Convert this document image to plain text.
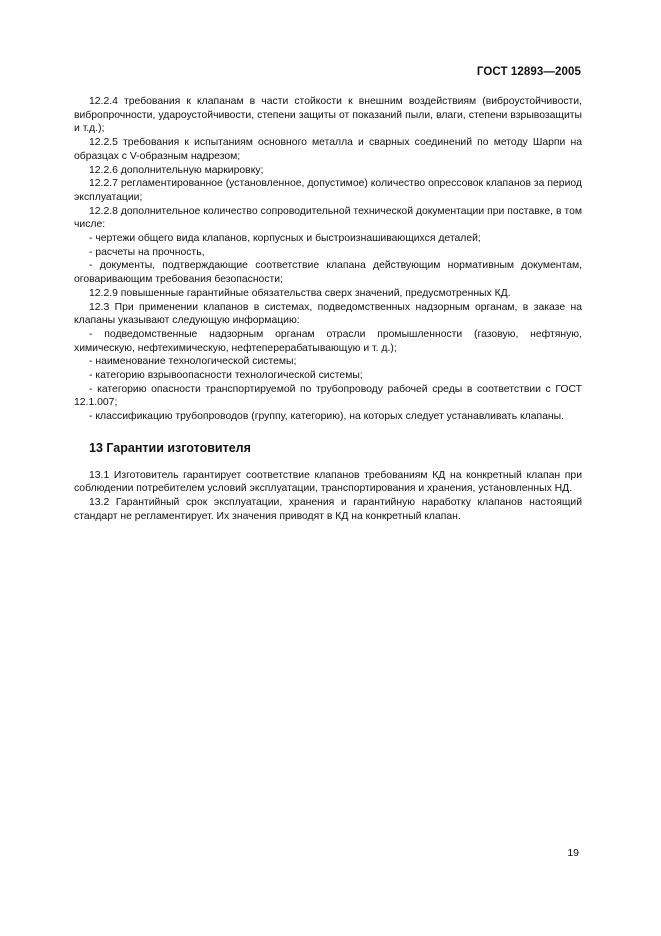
ГОСТ 12893—2005

12.2.4 требования к клапанам в части стойкости к внешним воздействиям (виброустойчивости, вибропрочности, удароустойчивости, степени защиты от показаний пыли, влаги, степени взрывозащиты и т.д.);

12.2.5 требования к испытаниям основного металла и сварных соединений по методу Шарпи на образцах с V-образным надрезом;

12.2.6 дополнительную маркировку;

12.2.7 регламентированное (установленное, допустимое) количество опрессовок клапанов за период эксплуатации;

12.2.8 дополнительное количество сопроводительной технической документации при поставке, в том числе:

- чертежи общего вида клапанов, корпусных и быстроизнашивающихся деталей;

- расчеты на прочность,

- документы, подтверждающие соответствие клапана действующим нормативным документам, оговаривающим требования безопасности;

12.2.9 повышенные гарантийные обязательства сверх значений, предусмотренных КД.

12.3 При применении клапанов в системах, подведомственных надзорным органам, в заказе на клапаны указывают следующую информацию:

- подведомственные надзорным органам отрасли промышленности (газовую, нефтяную, химическую, нефтехимическую, нефтеперерабатывающую и т. д.);

- наименование технологической системы;

- категорию взрывоопасности технологической системы;

- категорию опасности транспортируемой по трубопроводу рабочей среды в соответствии с ГОСТ 12.1.007;

- классификацию трубопроводов (группу, категорию), на которых следует устанавливать клапаны.

13 Гарантии изготовителя

13.1 Изготовитель гарантирует соответствие клапанов требованиям КД на конкретный клапан при соблюдении потребителем условий эксплуатации, транспортирования и хранения, установленных НД.

13.2 Гарантийный срок эксплуатации, хранения и гарантийную наработку клапанов настоящий стандарт не регламентирует. Их значения приводят в КД на конкретный клапан.

19
